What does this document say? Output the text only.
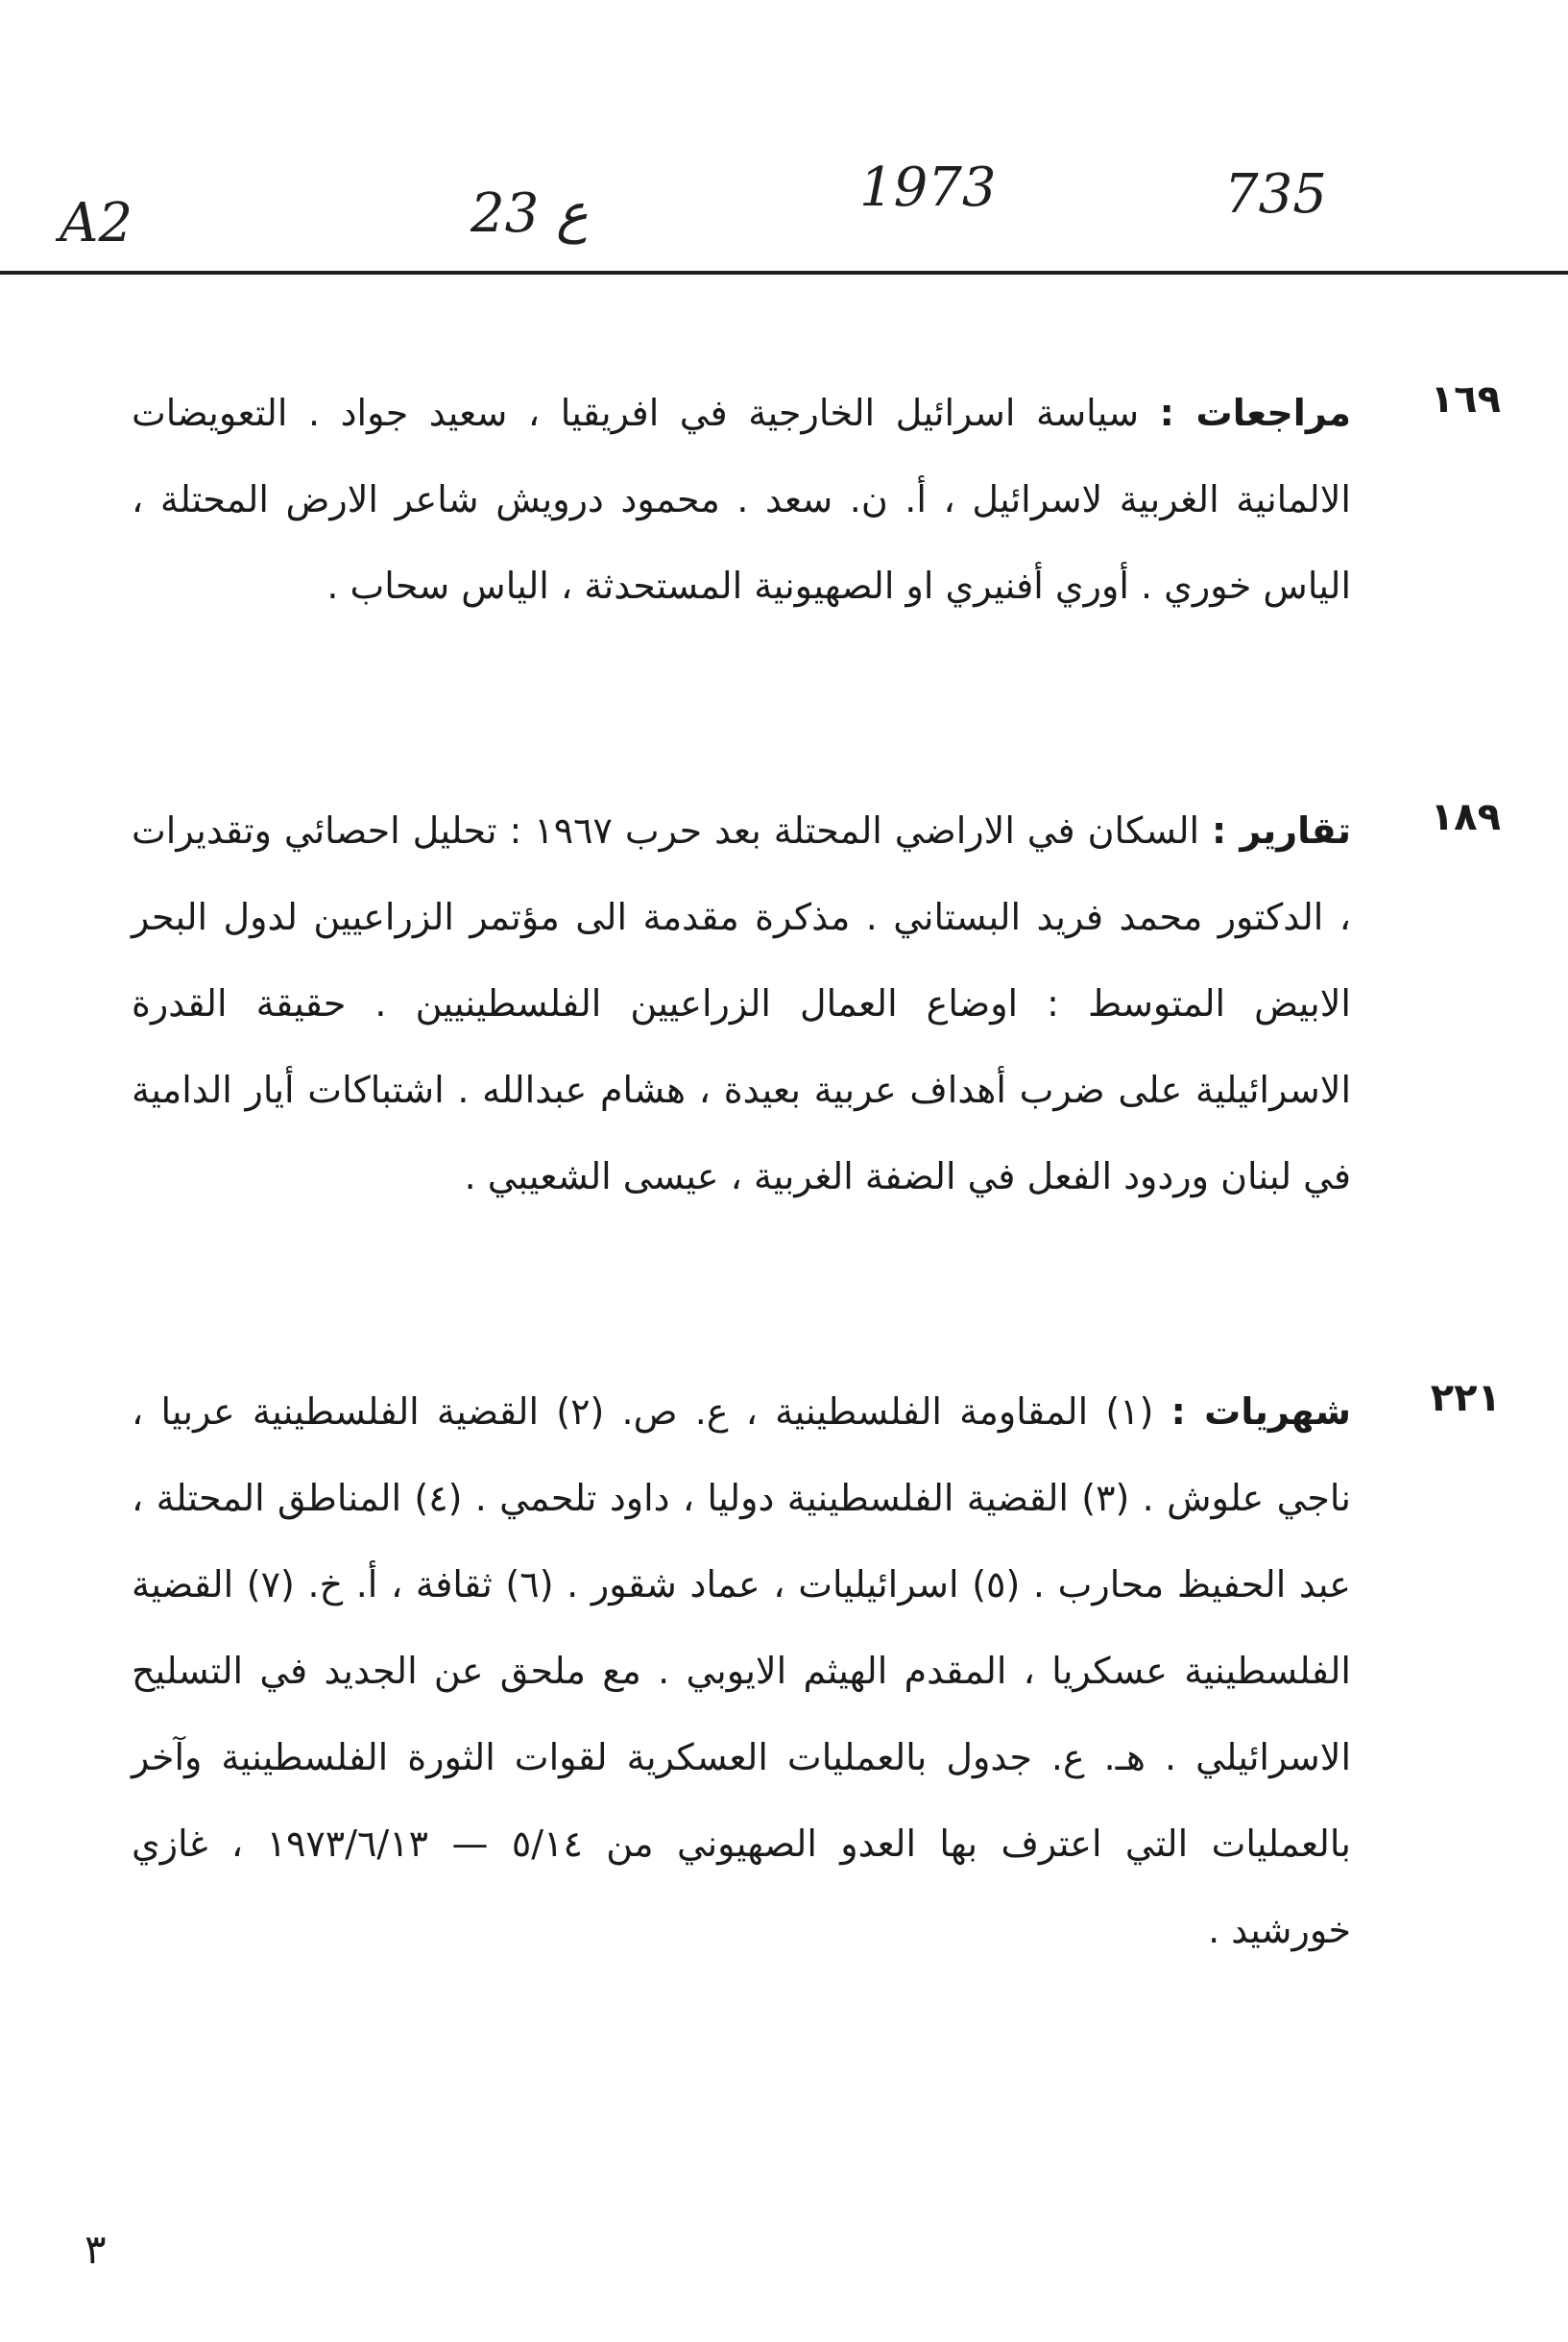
A2	23 ع	1973	735
١٦٩
مراجعات : سياسة اسرائيل الخارجية في افريقيا ، سعيد جواد . التعويضات الالمانية الغربية لاسرائيل ، أ. ن. سعد . محمود درويش شاعر الارض المحتلة ، الياس خوري . أوري أفنيري او الصهيونية المستحدثة ، الياس سحاب .
١٨٩
تقارير : السكان في الاراضي المحتلة بعد حرب ١٩٦٧ : تحليل احصائي وتقديرات ، الدكتور محمد فريد البستاني . مذكرة مقدمة الى مؤتمر الزراعيين لدول البحر الابيض المتوسط : اوضاع العمال الزراعيين الفلسطينيين . حقيقة القدرة الاسرائيلية على ضرب أهداف عربية بعيدة ، هشام عبدالله . اشتباكات أيار الدامية في لبنان وردود الفعل في الضفة الغربية ، عيسى الشعيبي .
٢٢١
شهريات : (١) المقاومة الفلسطينية ، ع. ص. (٢) القضية الفلسطينية عربيا ، ناجي علوش . (٣) القضية الفلسطينية دوليا ، داود تلحمي . (٤) المناطق المحتلة ، عبد الحفيظ محارب . (٥) اسرائيليات ، عماد شقور . (٦) ثقافة ، أ. خ. (٧) القضية الفلسطينية عسكريا ، المقدم الهيثم الايوبي . مع ملحق عن الجديد في التسليح الاسرائيلي . هـ. ع. جدول بالعمليات العسكرية لقوات الثورة الفلسطينية وآخر بالعمليات التي اعترف بها العدو الصهيوني من ٥/١٤ — ١٩٧٣/٦/١٣ ، غازي خورشيد .
٣
